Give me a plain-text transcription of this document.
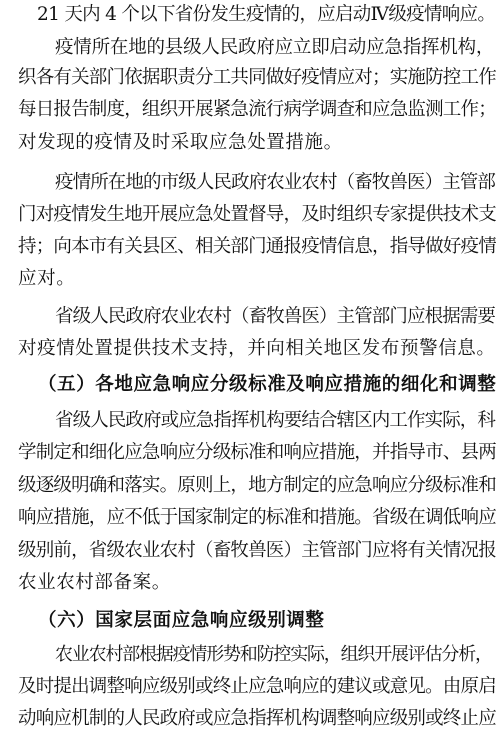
21 天内 4 个以下省份发生疫情的，应启动Ⅳ级疫情响应。
疫情所在地的县级人民政府应立即启动应急指挥机构，
织各有关部门依据职责分工共同做好疫情应对；实施防控工作
每日报告制度，组织开展紧急流行病学调查和应急监测工作；
对发现的疫情及时采取应急处置措施。
疫情所在地的市级人民政府农业农村（畜牧兽医）主管部
门对疫情发生地开展应急处置督导，及时组织专家提供技术支
持；向本市有关县区、相关部门通报疫情信息，指导做好疫情
应对。
省级人民政府农业农村（畜牧兽医）主管部门应根据需要
对疫情处置提供技术支持，并向相关地区发布预警信息。
（五）各地应急响应分级标准及响应措施的细化和调整
省级人民政府或应急指挥机构要结合辖区内工作实际，科
学制定和细化应急响应分级标准和响应措施，并指导市、县两
级逐级明确和落实。原则上，地方制定的应急响应分级标准和
响应措施，应不低于国家制定的标准和措施。省级在调低响应
级别前，省级农业农村（畜牧兽医）主管部门应将有关情况报
农业农村部备案。
（六）国家层面应急响应级别调整
农业农村部根据疫情形势和防控实际，组织开展评估分析，
及时提出调整响应级别或终止应急响应的建议或意见。由原启
动响应机制的人民政府或应急指挥机构调整响应级别或终止应
